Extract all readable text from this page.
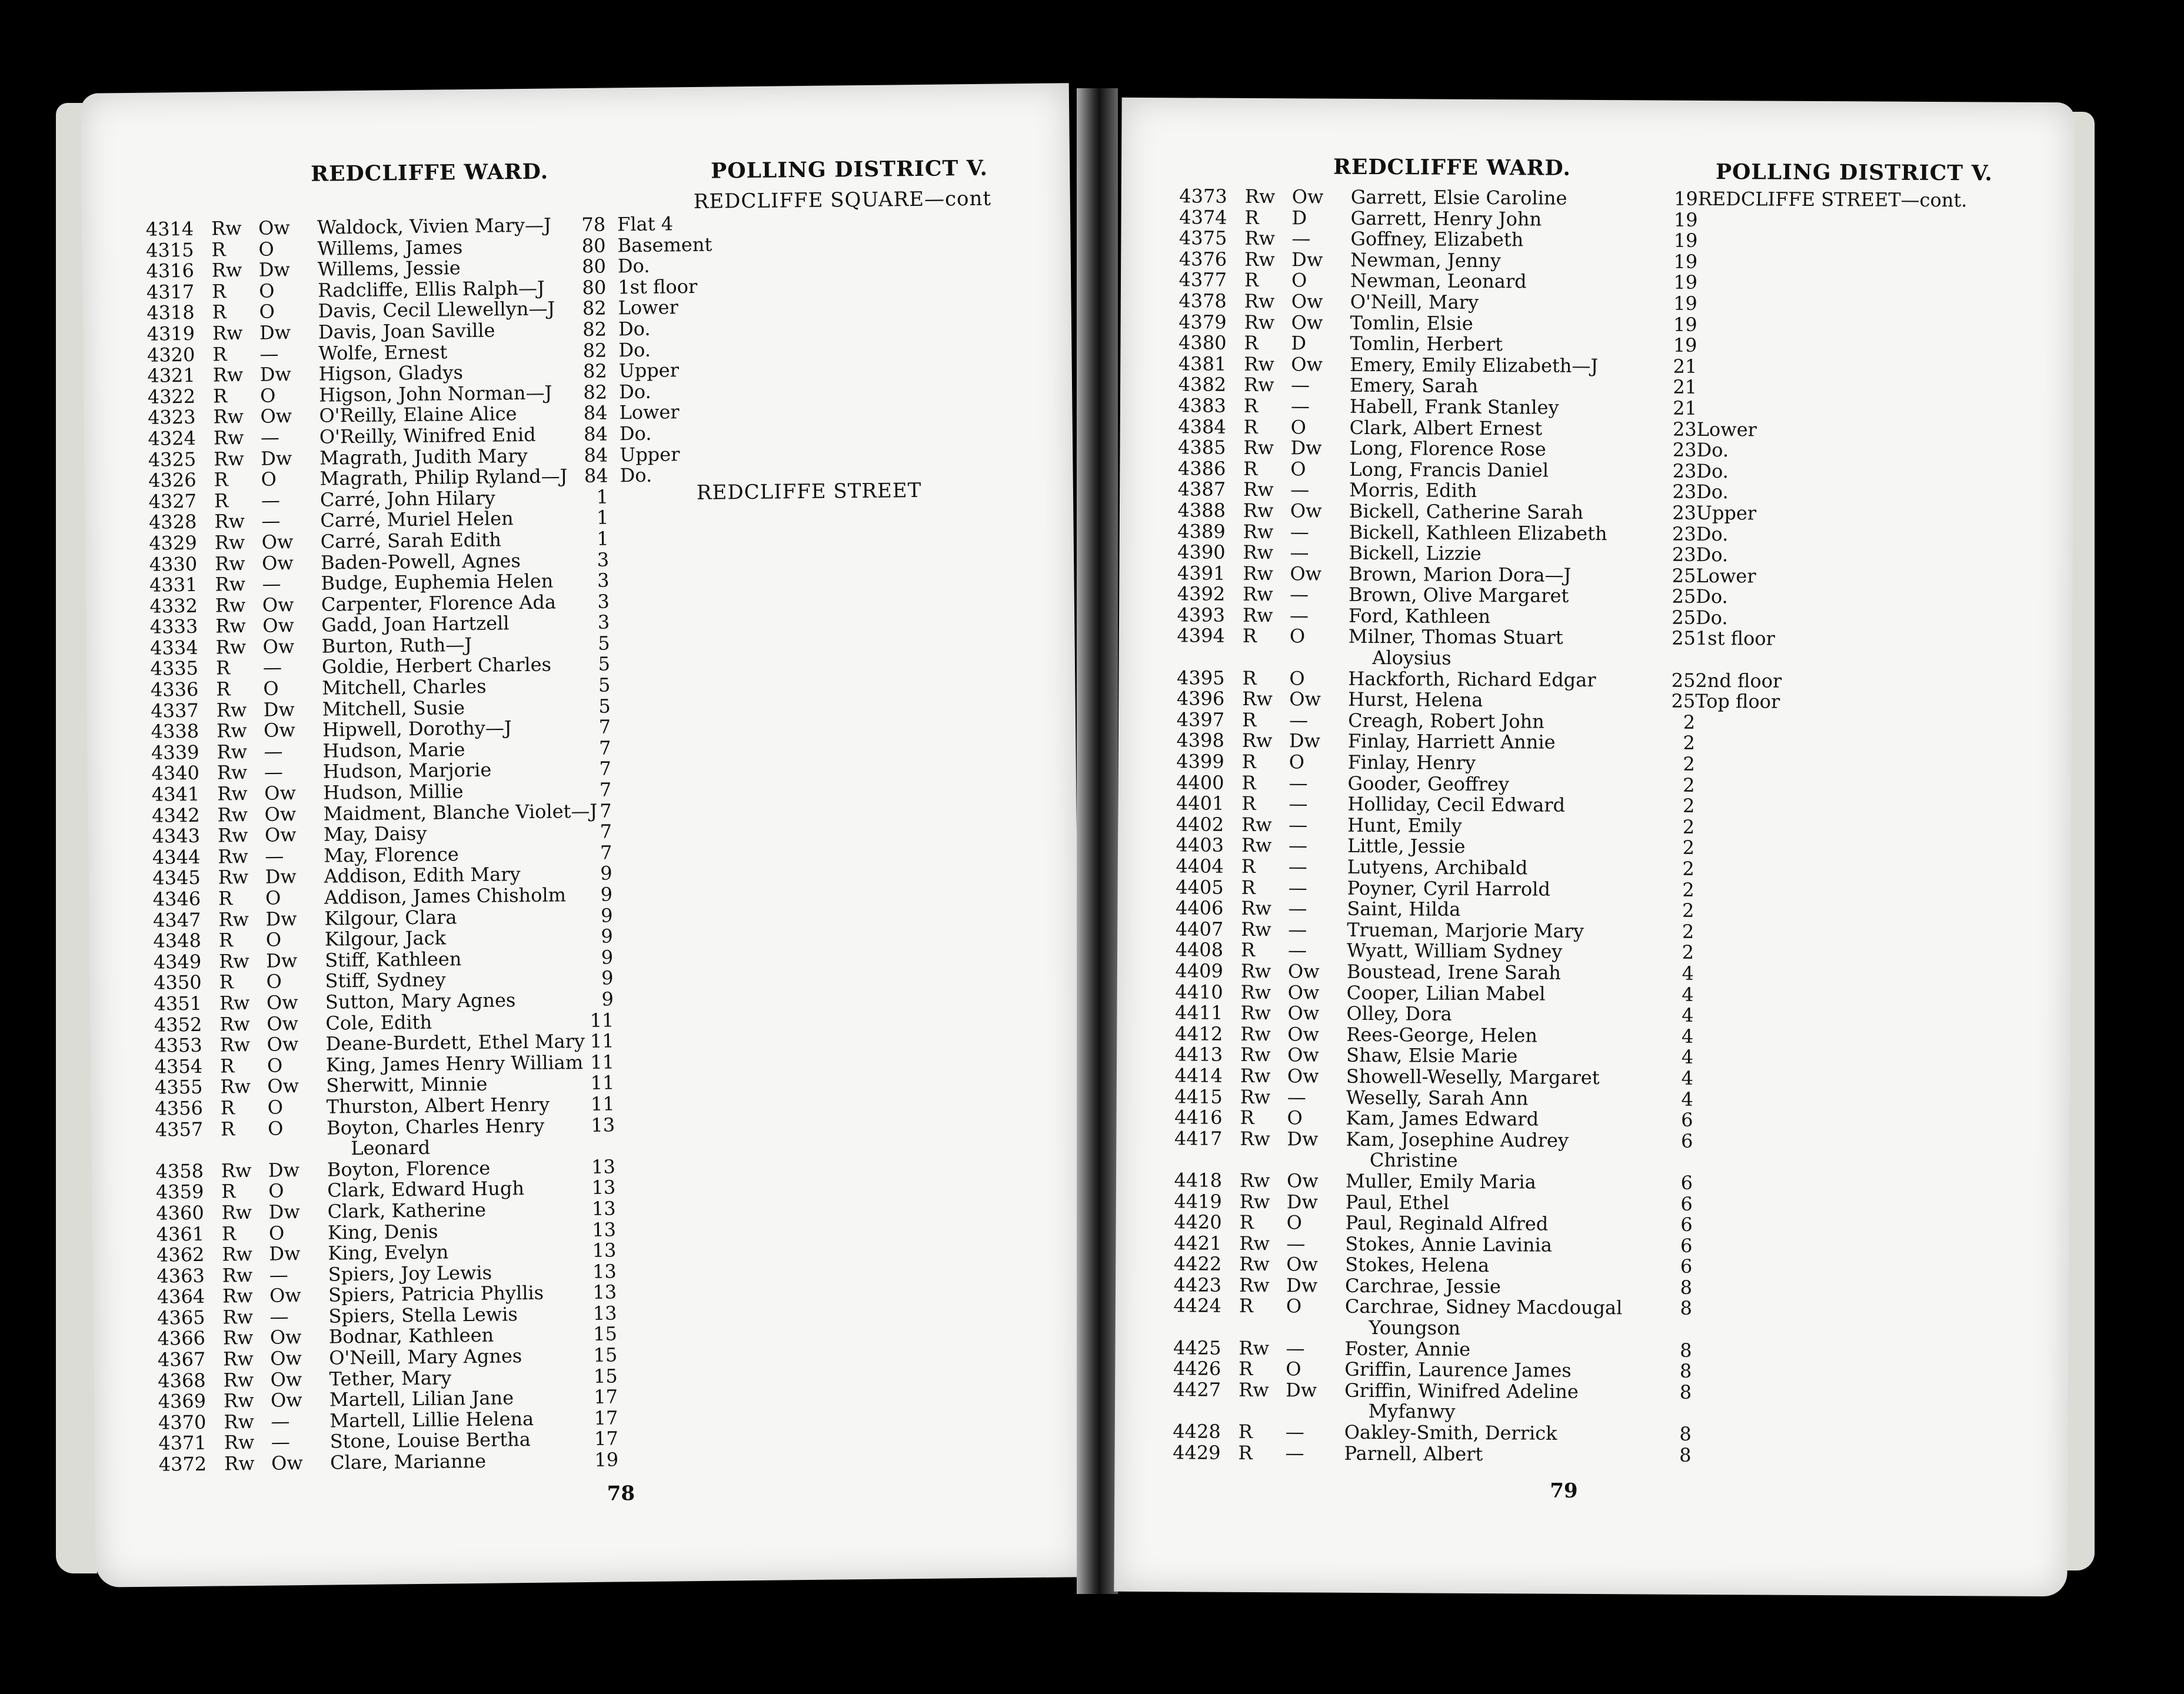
REDCLIFFE WARD.	POLLING DISTRICT V.
REDCLIFFE SQUARE—cont
REDCLIFFE STREET
4314 Rw Ow Waldock, Vivien Mary—J	78 Flat 4
4315 R O Willems, James	80 Basement
4316 Rw Dw Willems, Jessie	80 Do.
4317 R O Radcliffe, Ellis Ralph—J	80 1st floor
4318 R O Davis, Cecil Llewellyn—J	82 Lower
4319 Rw Dw Davis, Joan Saville	82 Do.
4320 R — Wolfe, Ernest	82 Do.
4321 Rw Dw Higson, Gladys	82 Upper
4322 R O Higson, John Norman—J	82 Do.
4323 Rw Ow O'Reilly, Elaine Alice	84 Lower
4324 Rw — O'Reilly, Winifred Enid	84 Do.
4325 Rw Dw Magrath, Judith Mary	84 Upper
4326 R O Magrath, Philip Ryland—J 84 Do.
4327 R — Carré, John Hilary	1
4328 Rw — Carré, Muriel Helen	1
4329 Rw Ow Carré, Sarah Edith	1
4330 Rw Ow Baden-Powell, Agnes	3
4331 Rw — Budge, Euphemia Helen	3
4332 Rw Ow Carpenter, Florence Ada	3
4333 Rw Ow Gadd, Joan Hartzell	3
4334 Rw Ow Burton, Ruth—J	5
4335 R — Goldie, Herbert Charles	5
4336 R O Mitchell, Charles	5
4337 Rw Dw Mitchell, Susie	5
4338 Rw Ow Hipwell, Dorothy—J	7
4339 Rw — Hudson, Marie	7
4340 Rw — Hudson, Marjorie	7
4341 Rw Ow Hudson, Millie	7
4342 Rw Ow Maidment, Blanche Violet—J 7
4343 Rw Ow May, Daisy	7
4344 Rw — May, Florence	7
4345 Rw Dw Addison, Edith Mary	9
4346 R O Addison, James Chisholm	9
4347 Rw Dw Kilgour, Clara	9
4348 R O Kilgour, Jack	9
4349 Rw Dw Stiff, Kathleen	9
4350 R O Stiff, Sydney	9
4351 Rw Ow Sutton, Mary Agnes	9
4352 Rw Ow Cole, Edith	11
4353 Rw Ow Deane-Burdett, Ethel Mary 11
4354 R O King, James Henry William 11
4355 Rw Ow Sherwitt, Minnie	11
4356 R O Thurston, Albert Henry	11
4357 R O Boyton, Charles Henry	13
Leonard
4358 Rw Dw Boyton, Florence	13
4359 R O Clark, Edward Hugh	13
4360 Rw Dw Clark, Katherine	13
4361 R O King, Denis	13
4362 Rw Dw King, Evelyn	13
4363 Rw — Spiers, Joy Lewis	13
4364 Rw Ow Spiers, Patricia Phyllis	13
4365 Rw — Spiers, Stella Lewis	13
4366 Rw Ow Bodnar, Kathleen	15
4367 Rw Ow O'Neill, Mary Agnes	15
4368 Rw Ow Tether, Mary	15
4369 Rw Ow Martell, Lilian Jane	17
4370 Rw — Martell, Lillie Helena	17
4371 Rw — Stone, Louise Bertha	17
4372 Rw Ow Clare, Marianne	19
78
REDCLIFFE WARD.	POLLING DISTRICT V.
4373 Rw Ow Garrett, Elsie Caroline	19 REDCLIFFE STREET—cont.
4374 R D Garrett, Henry John	19
4375 Rw — Goffney, Elizabeth	19
4376 Rw Dw Newman, Jenny	19
4377 R O Newman, Leonard	19
4378 Rw Ow O'Neill, Mary	19
4379 Rw Ow Tomlin, Elsie	19
4380 R D Tomlin, Herbert	19
4381 Rw Ow Emery, Emily Elizabeth—J	21
4382 Rw — Emery, Sarah	21
4383 R — Habell, Frank Stanley	21
4384 R O Clark, Albert Ernest	23 Lower
4385 Rw Dw Long, Florence Rose	23 Do.
4386 R O Long, Francis Daniel	23 Do.
4387 Rw — Morris, Edith	23 Do.
4388 Rw Ow Bickell, Catherine Sarah	23 Upper
4389 Rw — Bickell, Kathleen Elizabeth	23 Do.
4390 Rw — Bickell, Lizzie	23 Do.
4391 Rw Ow Brown, Marion Dora—J	25 Lower
4392 Rw — Brown, Olive Margaret	25 Do.
4393 Rw — Ford, Kathleen	25 Do.
4394 R O Milner, Thomas Stuart	25 1st floor
Aloysius
4395 R O Hackforth, Richard Edgar	25 2nd floor
4396 Rw Ow Hurst, Helena	25 Top floor
4397 R — Creagh, Robert John	2
4398 Rw Dw Finlay, Harriett Annie	2
4399 R O Finlay, Henry	2
4400 R — Gooder, Geoffrey	2
4401 R — Holliday, Cecil Edward	2
4402 Rw — Hunt, Emily	2
4403 Rw — Little, Jessie	2
4404 R — Lutyens, Archibald	2
4405 R — Poyner, Cyril Harrold	2
4406 Rw — Saint, Hilda	2
4407 Rw — Trueman, Marjorie Mary	2
4408 R — Wyatt, William Sydney	2
4409 Rw Ow Boustead, Irene Sarah	4
4410 Rw Ow Cooper, Lilian Mabel	4
4411 Rw Ow Olley, Dora	4
4412 Rw Ow Rees-George, Helen	4
4413 Rw Ow Shaw, Elsie Marie	4
4414 Rw Ow Showell-Weselly, Margaret	4
4415 Rw — Weselly, Sarah Ann	4
4416 R O Kam, James Edward	6
4417 Rw Dw Kam, Josephine Audrey	6
Christine
4418 Rw Ow Muller, Emily Maria	6
4419 Rw Dw Paul, Ethel	6
4420 R O Paul, Reginald Alfred	6
4421 Rw — Stokes, Annie Lavinia	6
4422 Rw Ow Stokes, Helena	6
4423 Rw Dw Carchrae, Jessie	8
4424 R O Carchrae, Sidney Macdougal	8
Youngson
4425 Rw — Foster, Annie	8
4426 R O Griffin, Laurence James	8
4427 Rw Dw Griffin, Winifred Adeline	8
Myfanwy
4428 R — Oakley-Smith, Derrick	8
4429 R — Parnell, Albert	8
79
